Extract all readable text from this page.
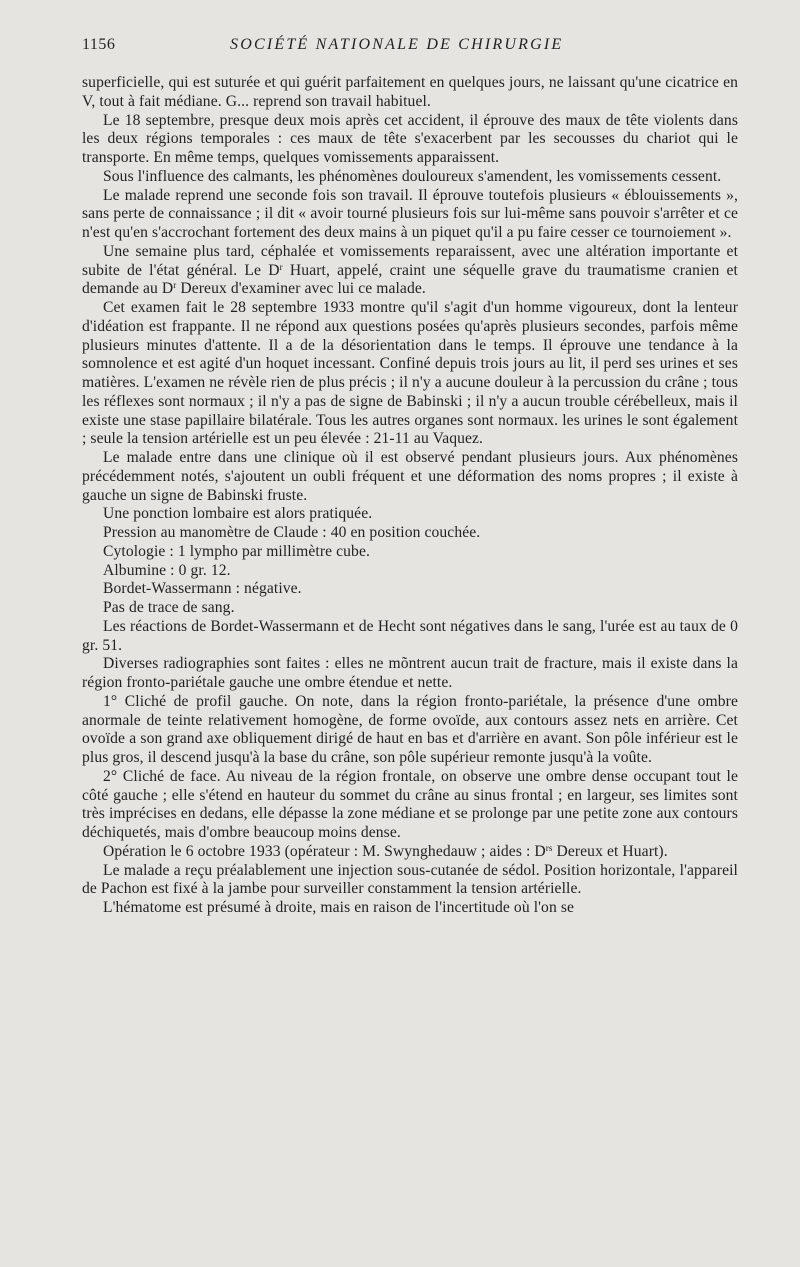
1156	SOCIÉTÉ NATIONALE DE CHIRURGIE

superficielle, qui est suturée et qui guérit parfaitement en quelques jours, ne laissant qu'une cicatrice en V, tout à fait médiane. G... reprend son travail habituel.

Le 18 septembre, presque deux mois après cet accident, il éprouve des maux de tête violents dans les deux régions temporales : ces maux de tête s'exacerbent par les secousses du chariot qui le transporte. En même temps, quelques vomissements apparaissent.

Sous l'influence des calmants, les phénomènes douloureux s'amendent, les vomissements cessent.

Le malade reprend une seconde fois son travail. Il éprouve toutefois plusieurs « éblouissements », sans perte de connaissance ; il dit « avoir tourné plusieurs fois sur lui-même sans pouvoir s'arrêter et ce n'est qu'en s'accrochant fortement des deux mains à un piquet qu'il a pu faire cesser ce tournoiement ».

Une semaine plus tard, céphalée et vomissements reparaissent, avec une altération importante et subite de l'état général. Le $D^r$ Huart, appelé, craint une séquelle grave du traumatisme cranien et demande au $D^r$ Dereux d'examiner avec lui ce malade.

Cet examen fait le 28 septembre 1933 montre qu'il s'agit d'un homme vigoureux, dont la lenteur d'idéation est frappante. Il ne répond aux questions posées qu'après plusieurs secondes, parfois même plusieurs minutes d'attente. Il a de la désorientation dans le temps. Il éprouve une tendance à la somnolence et est agité d'un hoquet incessant. Confiné depuis trois jours au lit, il perd ses urines et ses matières. L'examen ne révèle rien de plus précis ; il n'y a aucune douleur à la percussion du crâne ; tous les réflexes sont normaux ; il n'y a pas de signe de Babinski ; il n'y a aucun trouble cérébelleux, mais il existe une stase papillaire bilatérale. Tous les autres organes sont normaux. les urines le sont également ; seule la tension artérielle est un peu élevée : 21-11 au Vaquez.

Le malade entre dans une clinique où il est observé pendant plusieurs jours. Aux phénomènes précédemment notés, s'ajoutent un oubli fréquent et une déformation des noms propres ; il existe à gauche un signe de Babinski fruste.

Une ponction lombaire est alors pratiquée.

Pression au manomètre de Claude : 40 en position couchée.

Cytologie : 1 lympho par millimètre cube.

Albumine : 0 gr. 12.

Bordet-Wassermann : négative.

Pas de trace de sang.

Les réactions de Bordet-Wassermann et de Hecht sont négatives dans le sang, l'urée est au taux de 0 gr. 51.

Diverses radiographies sont faites : elles ne mõntrent aucun trait de fracture, mais il existe dans la région fronto-pariétale gauche une ombre étendue et nette.

1° Cliché de profil gauche. On note, dans la région fronto-pariétale, la présence d'une ombre anormale de teinte relativement homogène, de forme ovoïde, aux contours assez nets en arrière. Cet ovoïde a son grand axe obliquement dirigé de haut en bas et d'arrière en avant. Son pôle inférieur est le plus gros, il descend jusqu'à la base du crâne, son pôle supérieur remonte jusqu'à la voûte.

2° Cliché de face. Au niveau de la région frontale, on observe une ombre dense occupant tout le côté gauche ; elle s'étend en hauteur du sommet du crâne au sinus frontal ; en largeur, ses limites sont très imprécises en dedans, elle dépasse la zone médiane et se prolonge par une petite zone aux contours déchiquetés, mais d'ombre beaucoup moins dense.

Opération le 6 octobre 1933 (opérateur : M. Swynghedauw ; aides : $D^{rs}$ Dereux et Huart).

Le malade a reçu préalablement une injection sous-cutanée de sédol. Position horizontale, l'appareil de Pachon est fixé à la jambe pour surveiller constamment la tension artérielle.

L'hématome est présumé à droite, mais en raison de l'incertitude où l'on se
